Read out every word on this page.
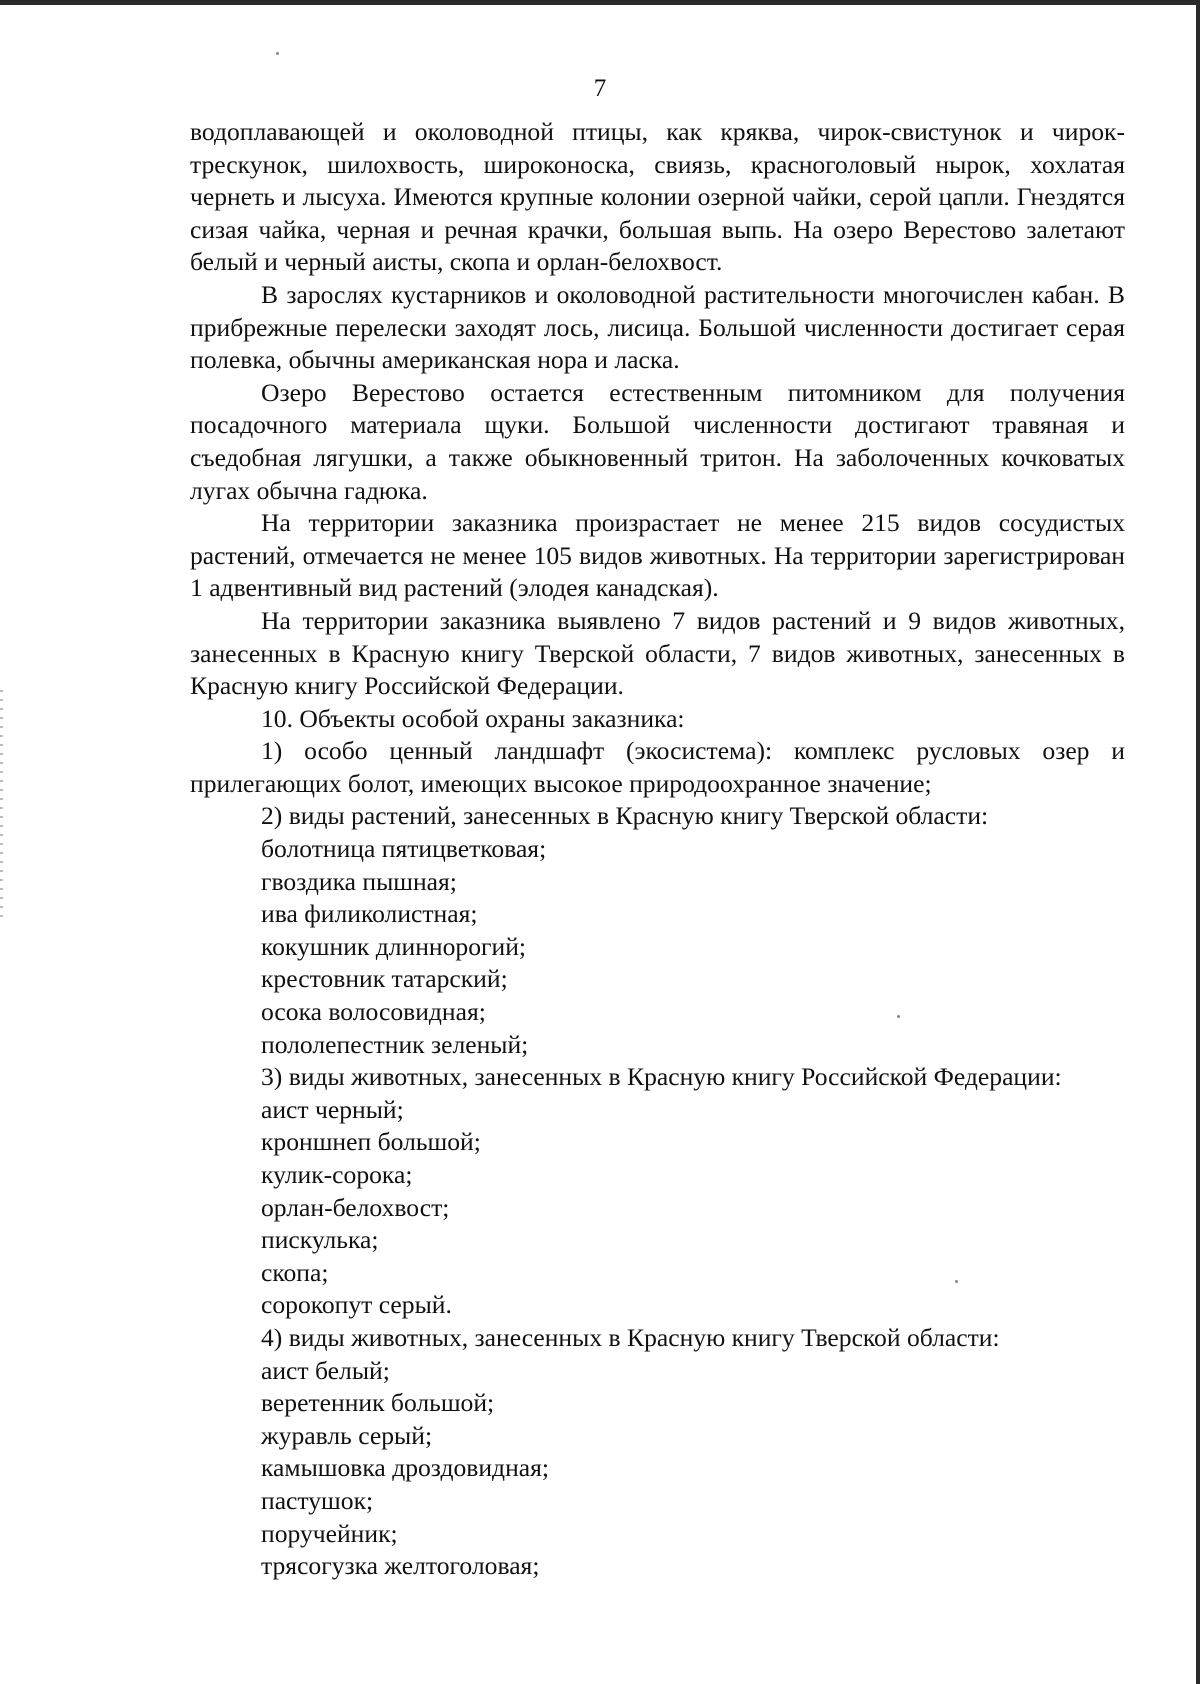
7

водоплавающей и околоводной птицы, как кряква, чирок-свистунок и чирок-трескунок, шилохвость, широконоска, свиязь, красноголовый нырок, хохлатая чернеть и лысуха. Имеются крупные колонии озерной чайки, серой цапли. Гнездятся сизая чайка, черная и речная крачки, большая выпь. На озеро Верестово залетают белый и черный аисты, скопа и орлан-белохвост.

В зарослях кустарников и околоводной растительности многочислен кабан. В прибрежные перелески заходят лось, лисица. Большой численности достигает серая полевка, обычны американская нора и ласка.

Озеро Верестово остается естественным питомником для получения посадочного материала щуки. Большой численности достигают травяная и съедобная лягушки, а также обыкновенный тритон. На заболоченных кочковатых лугах обычна гадюка.

На территории заказника произрастает не менее 215 видов сосудистых растений, отмечается не менее 105 видов животных. На территории зарегистрирован 1 адвентивный вид растений (элодея канадская).

На территории заказника выявлено 7 видов растений и 9 видов животных, занесенных в Красную книгу Тверской области, 7 видов животных, занесенных в Красную книгу Российской Федерации.

10. Объекты особой охраны заказника:

1) особо ценный ландшафт (экосистема): комплекс русловых озер и прилегающих болот, имеющих высокое природоохранное значение;

2) виды растений, занесенных в Красную книгу Тверской области:
болотница пятицветковая;
гвоздика пышная;
ива филиколистная;
кокушник длиннорогий;
крестовник татарский;
осока волосовидная;
пололепестник зеленый;
3) виды животных, занесенных в Красную книгу Российской Федерации:
аист черный;
кроншнеп большой;
кулик-сорока;
орлан-белохвост;
пискулька;
скопа;
сорокопут серый.
4) виды животных, занесенных в Красную книгу Тверской области:
аист белый;
веретенник большой;
журавль серый;
камышовка дроздовидная;
пастушок;
поручейник;
трясогузка желтоголовая;
